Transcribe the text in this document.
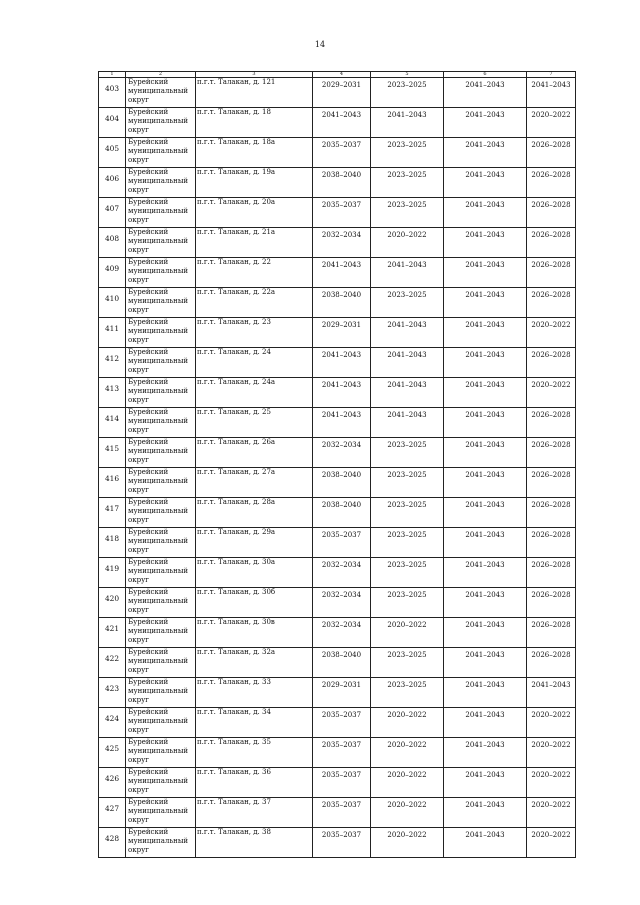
14
1	2	3	4	5	6	7
403	Бурейский муниципальный округ	п.г.т. Талакан, д. 121	2029–2031	2023–2025	2041–2043	2041–2043
404	Бурейский муниципальный округ	п.г.т. Талакан, д. 18	2041–2043	2041–2043	2041–2043	2020–2022
405	Бурейский муниципальный округ	п.г.т. Талакан, д. 18а	2035–2037	2023–2025	2041–2043	2026–2028
406	Бурейский муниципальный округ	п.г.т. Талакан, д. 19а	2038–2040	2023–2025	2041–2043	2026–2028
407	Бурейский муниципальный округ	п.г.т. Талакан, д. 20а	2035–2037	2023–2025	2041–2043	2026–2028
408	Бурейский муниципальный округ	п.г.т. Талакан, д. 21а	2032–2034	2020–2022	2041–2043	2026–2028
409	Бурейский муниципальный округ	п.г.т. Талакан, д. 22	2041–2043	2041–2043	2041–2043	2026–2028
410	Бурейский муниципальный округ	п.г.т. Талакан, д. 22а	2038–2040	2023–2025	2041–2043	2026–2028
411	Бурейский муниципальный округ	п.г.т. Талакан, д. 23	2029–2031	2041–2043	2041–2043	2020–2022
412	Бурейский муниципальный округ	п.г.т. Талакан, д. 24	2041–2043	2041–2043	2041–2043	2026–2028
413	Бурейский муниципальный округ	п.г.т. Талакан, д. 24а	2041–2043	2041–2043	2041–2043	2020–2022
414	Бурейский муниципальный округ	п.г.т. Талакан, д. 25	2041–2043	2041–2043	2041–2043	2026–2028
415	Бурейский муниципальный округ	п.г.т. Талакан, д. 26а	2032–2034	2023–2025	2041–2043	2026–2028
416	Бурейский муниципальный округ	п.г.т. Талакан, д. 27а	2038–2040	2023–2025	2041–2043	2026–2028
417	Бурейский муниципальный округ	п.г.т. Талакан, д. 28а	2038–2040	2023–2025	2041–2043	2026–2028
418	Бурейский муниципальный округ	п.г.т. Талакан, д. 29а	2035–2037	2023–2025	2041–2043	2026–2028
419	Бурейский муниципальный округ	п.г.т. Талакан, д. 30а	2032–2034	2023–2025	2041–2043	2026–2028
420	Бурейский муниципальный округ	п.г.т. Талакан, д. 30б	2032–2034	2023–2025	2041–2043	2026–2028
421	Бурейский муниципальный округ	п.г.т. Талакан, д. 30в	2032–2034	2020–2022	2041–2043	2026–2028
422	Бурейский муниципальный округ	п.г.т. Талакан, д. 32а	2038–2040	2023–2025	2041–2043	2026–2028
423	Бурейский муниципальный округ	п.г.т. Талакан, д. 33	2029–2031	2023–2025	2041–2043	2041–2043
424	Бурейский муниципальный округ	п.г.т. Талакан, д. 34	2035–2037	2020–2022	2041–2043	2020–2022
425	Бурейский муниципальный округ	п.г.т. Талакан, д. 35	2035–2037	2020–2022	2041–2043	2020–2022
426	Бурейский муниципальный округ	п.г.т. Талакан, д. 36	2035–2037	2020–2022	2041–2043	2020–2022
427	Бурейский муниципальный округ	п.г.т. Талакан, д. 37	2035–2037	2020–2022	2041–2043	2020–2022
428	Бурейский муниципальный округ	п.г.т. Талакан, д. 38	2035–2037	2020–2022	2041–2043	2020–2022
